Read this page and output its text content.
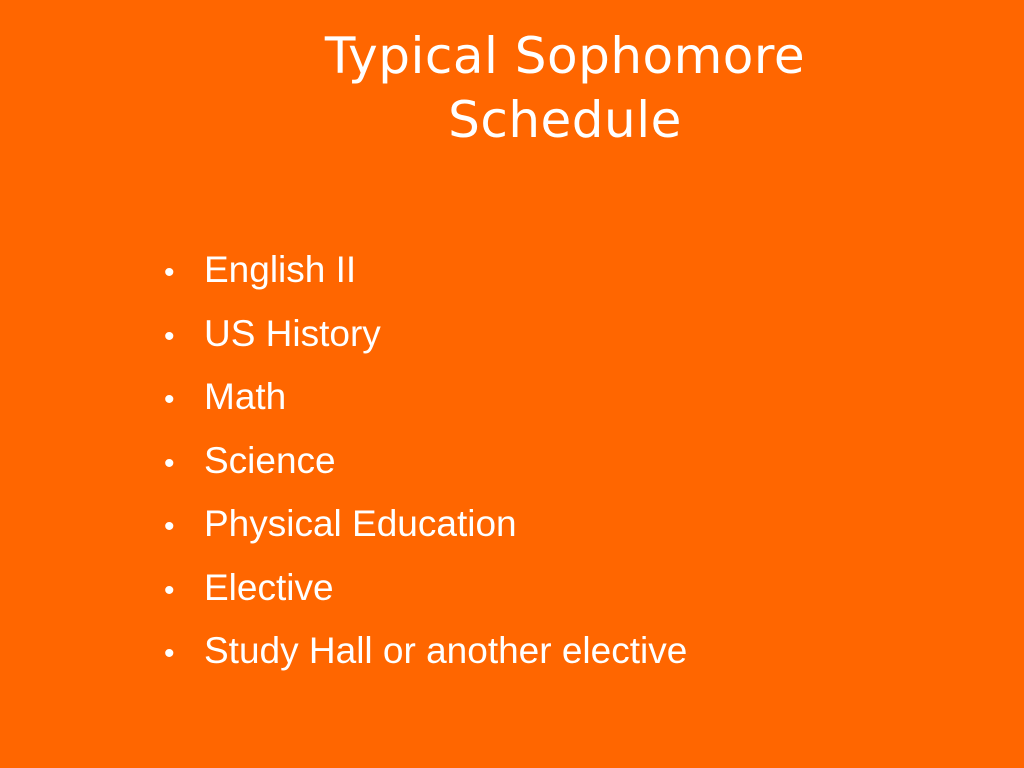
Typical Sophomore
Schedule
• English II
• US History
• Math
• Science
• Physical Education
• Elective
• Study Hall or another elective
